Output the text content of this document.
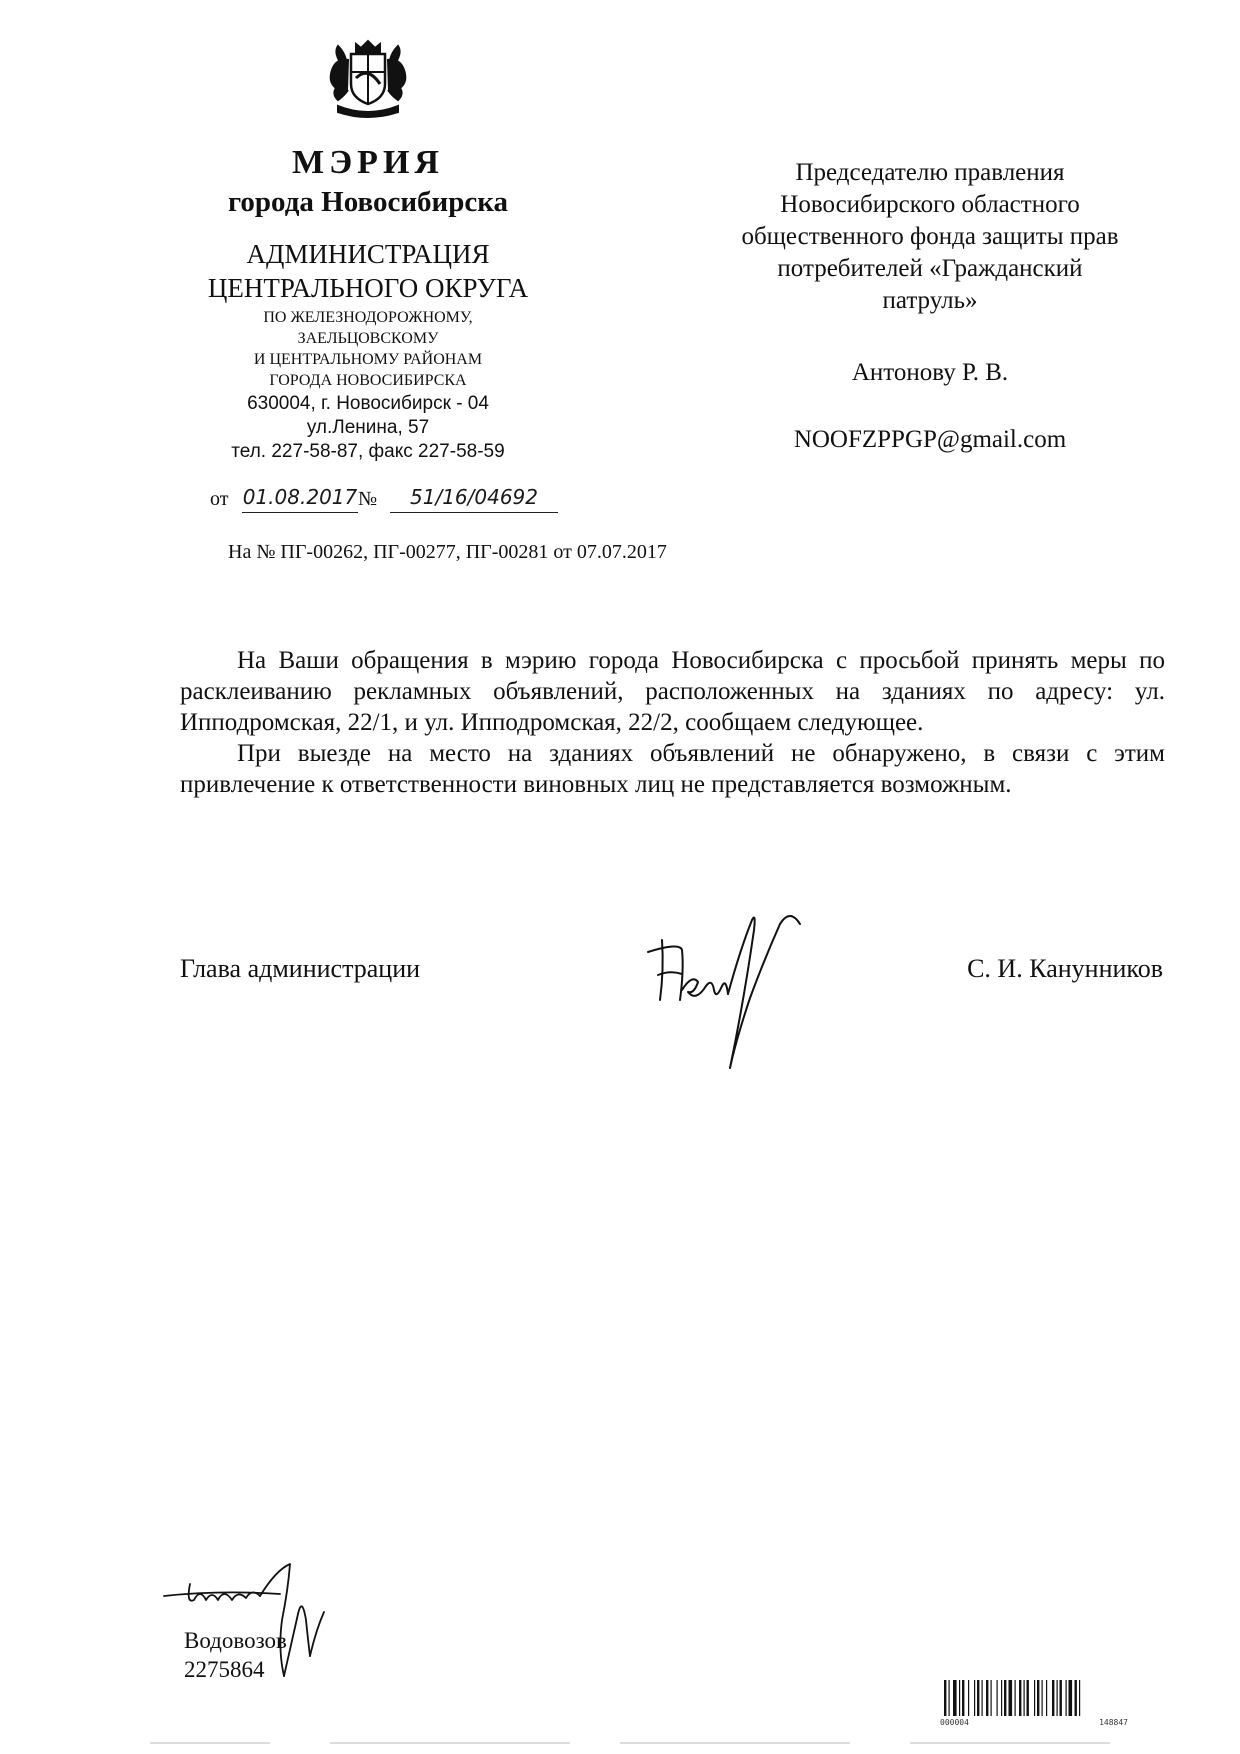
МЭРИЯ
города Новосибирска
АДМИНИСТРАЦИЯ
ЦЕНТРАЛЬНОГО ОКРУГА
ПО ЖЕЛЕЗНОДОРОЖНОМУ,
ЗАЕЛЬЦОВСКОМУ
И ЦЕНТРАЛЬНОМУ РАЙОНАМ
ГОРОДА НОВОСИБИРСКА
630004, г. Новосибирск - 04
ул.Ленина, 57
тел. 227-58-87, факс 227-58-59
от 01.08.2017 №	51/16/04692
На № ПГ-00262, ПГ-00277, ПГ-00281 от 07.07.2017
Председателю правления
Новосибирского областного
общественного фонда защиты прав
потребителей «Гражданский
патруль»
Антонову Р. В.
NOOFZPPGP@gmail.com

На Ваши обращения в мэрию города Новосибирска с просьбой принять меры по расклеиванию рекламных объявлений, расположенных на зданиях по адресу: ул. Ипподромская, 22/1, и ул. Ипподромская, 22/2, сообщаем следующее.

При выезде на место на зданиях объявлений не обнаружено, в связи с этим привлечение к ответственности виновных лиц не представляется возможным.

Глава администрации	С. И. Канунников
Водовозов
2275864
000004	148847
